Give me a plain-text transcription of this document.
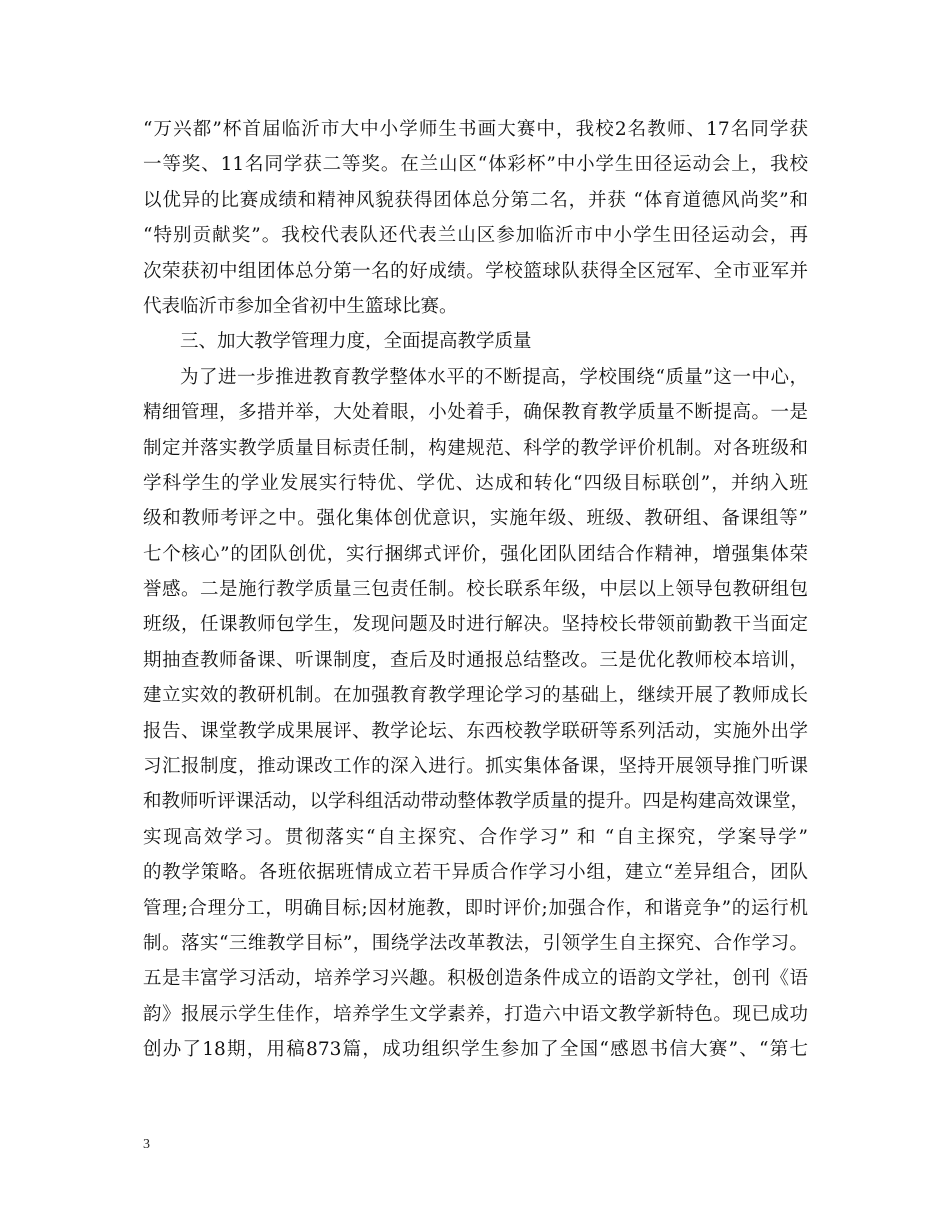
“万兴都”杯首届临沂市大中小学师生书画大赛中，我校2名教师、17名同学获
一等奖、11名同学获二等奖。在兰山区“体彩杯”中小学生田径运动会上，我校
以优异的比赛成绩和精神风貌获得团体总分第二名，并获 “体育道德风尚奖”和
“特别贡献奖”。我校代表队还代表兰山区参加临沂市中小学生田径运动会，再
次荣获初中组团体总分第一名的好成绩。学校篮球队获得全区冠军、全市亚军并
代表临沂市参加全省初中生篮球比赛。
三、加大教学管理力度，全面提高教学质量
为了进一步推进教育教学整体水平的不断提高，学校围绕“质量”这一中心，
精细管理，多措并举，大处着眼，小处着手，确保教育教学质量不断提高。一是
制定并落实教学质量目标责任制，构建规范、科学的教学评价机制。对各班级和
学科学生的学业发展实行特优、学优、达成和转化“四级目标联创”，并纳入班
级和教师考评之中。强化集体创优意识，实施年级、班级、教研组、备课组等”
七个核心”的团队创优，实行捆绑式评价，强化团队团结合作精神，增强集体荣
誉感。二是施行教学质量三包责任制。校长联系年级，中层以上领导包教研组包
班级，任课教师包学生，发现问题及时进行解决。坚持校长带领前勤教干当面定
期抽查教师备课、听课制度，查后及时通报总结整改。三是优化教师校本培训，
建立实效的教研机制。在加强教育教学理论学习的基础上，继续开展了教师成长
报告、课堂教学成果展评、教学论坛、东西校教学联研等系列活动，实施外出学
习汇报制度，推动课改工作的深入进行。抓实集体备课，坚持开展领导推门听课
和教师听评课活动，以学科组活动带动整体教学质量的提升。四是构建高效课堂，
实现高效学习。贯彻落实“自主探究、合作学习” 和 “自主探究，学案导学”
的教学策略。各班依据班情成立若干异质合作学习小组，建立“差异组合，团队
管理;合理分工，明确目标;因材施教，即时评价;加强合作，和谐竞争”的运行机
制。落实“三维教学目标”，围绕学法改革教法，引领学生自主探究、合作学习。
五是丰富学习活动，培养学习兴趣。积极创造条件成立的语韵文学社，创刊《语
韵》报展示学生佳作，培养学生文学素养，打造六中语文教学新特色。现已成功
创办了18期，用稿873篇，成功组织学生参加了全国“感恩书信大赛”、“第七
3
